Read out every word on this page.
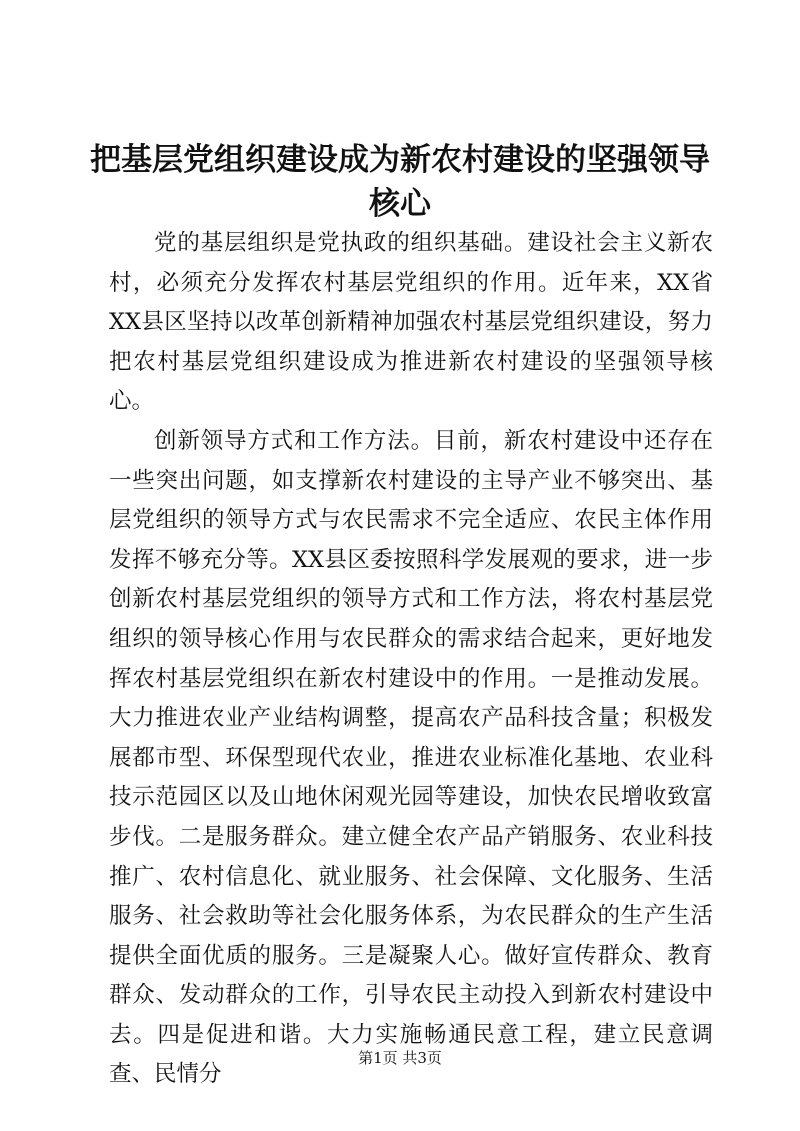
把基层党组织建设成为新农村建设的坚强领导核心

党的基层组织是党执政的组织基础。建设社会主义新农村，必须充分发挥农村基层党组织的作用。近年来，XX省XX县区坚持以改革创新精神加强农村基层党组织建设，努力把农村基层党组织建设成为推进新农村建设的坚强领导核心。

创新领导方式和工作方法。目前，新农村建设中还存在一些突出问题，如支撑新农村建设的主导产业不够突出、基层党组织的领导方式与农民需求不完全适应、农民主体作用发挥不够充分等。XX县区委按照科学发展观的要求，进一步创新农村基层党组织的领导方式和工作方法，将农村基层党组织的领导核心作用与农民群众的需求结合起来，更好地发挥农村基层党组织在新农村建设中的作用。一是推动发展。大力推进农业产业结构调整，提高农产品科技含量；积极发展都市型、环保型现代农业，推进农业标准化基地、农业科技示范园区以及山地休闲观光园等建设，加快农民增收致富步伐。二是服务群众。建立健全农产品产销服务、农业科技推广、农村信息化、就业服务、社会保障、文化服务、生活服务、社会救助等社会化服务体系，为农民群众的生产生活提供全面优质的服务。三是凝聚人心。做好宣传群众、教育群众、发动群众的工作，引导农民主动投入到新农村建设中去。四是促进和谐。大力实施畅通民意工程，建立民意调查、民情分

第1页 共3页
